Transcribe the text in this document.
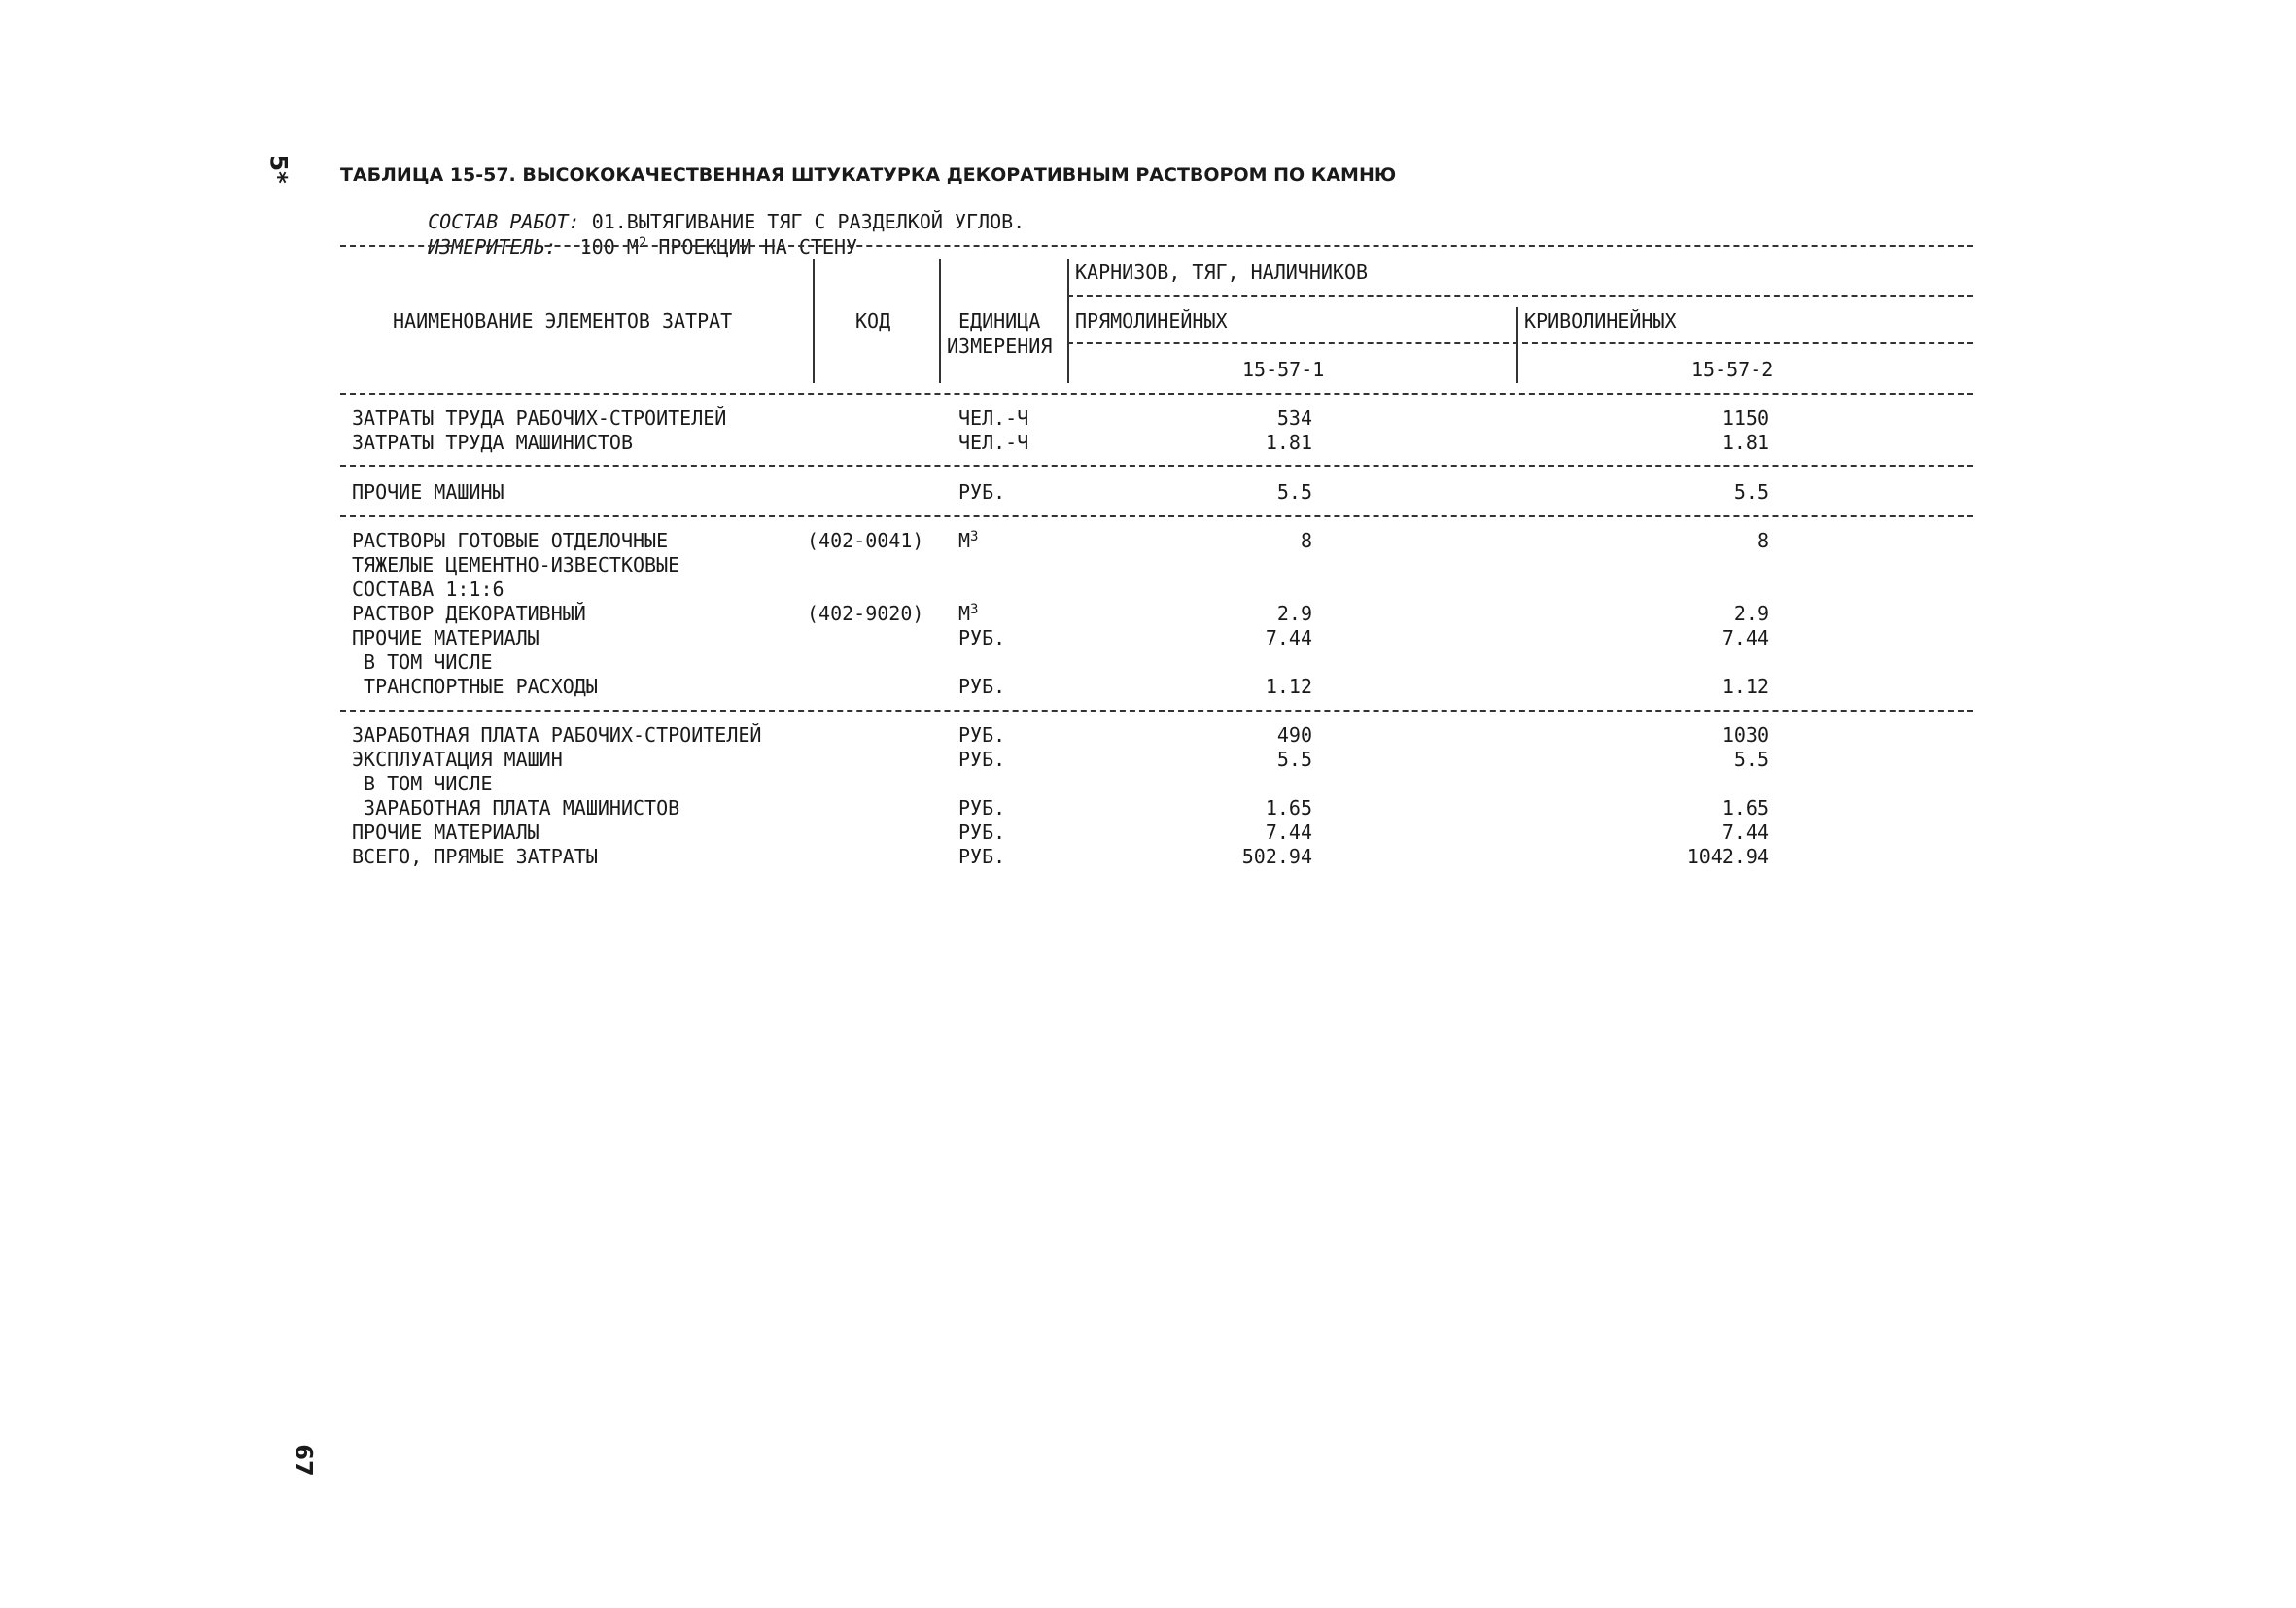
5*
67
ТАБЛИЦА 15-57. ВЫСОКОКАЧЕСТВЕННАЯ ШТУКАТУРКА ДЕКОРАТИВНЫМ РАСТВОРОМ ПО КАМНЮ

СОСТАВ РАБОТ: 01.ВЫТЯГИВАНИЕ ТЯГ С РАЗДЕЛКОЙ УГЛОВ.

ИЗМЕРИТЕЛЬ: 100 $М^2$ ПРОЕКЦИИ НА СТЕНУ

НАИМЕНОВАНИЕ ЭЛЕМЕНТОВ ЗАТРАТ	КОД	ЕДИНИЦА
ИЗМЕРЕНИЯ
КАРНИЗОВ, ТЯГ, НАЛИЧНИКОВ
ПРЯМОЛИНЕЙНЫХ	КРИВОЛИНЕЙНЫХ
15-57-1	15-57-2
ЗАТРАТЫ ТРУДА РАБОЧИХ-СТРОИТЕЛЕЙ	ЧЕЛ.-Ч	534	1150
ЗАТРАТЫ ТРУДА МАШИНИСТОВ	ЧЕЛ.-Ч	1.81	1.81
ПРОЧИЕ МАШИНЫ	РУБ.	5.5	5.5
РАСТВОРЫ ГОТОВЫЕ ОТДЕЛОЧНЫЕ	(402-0041) $М^3$	8	8
ТЯЖЕЛЫЕ ЦЕМЕНТНО-ИЗВЕСТКОВЫЕ
СОСТАВА 1:1:6
РАСТВОР ДЕКОРАТИВНЫЙ	(402-9020) $М^3$	2.9	2.9
ПРОЧИЕ МАТЕРИАЛЫ	РУБ.	7.44	7.44
В ТОМ ЧИСЛЕ
ТРАНСПОРТНЫЕ РАСХОДЫ	РУБ.	1.12	1.12
ЗАРАБОТНАЯ ПЛАТА РАБОЧИХ-СТРОИТЕЛЕЙ	РУБ.	490	1030
ЭКСПЛУАТАЦИЯ МАШИН	РУБ.	5.5	5.5
В ТОМ ЧИСЛЕ
ЗАРАБОТНАЯ ПЛАТА МАШИНИСТОВ	РУБ.	1.65	1.65
ПРОЧИЕ МАТЕРИАЛЫ	РУБ.	7.44	7.44
ВСЕГО, ПРЯМЫЕ ЗАТРАТЫ	РУБ.	502.94	1042.94
